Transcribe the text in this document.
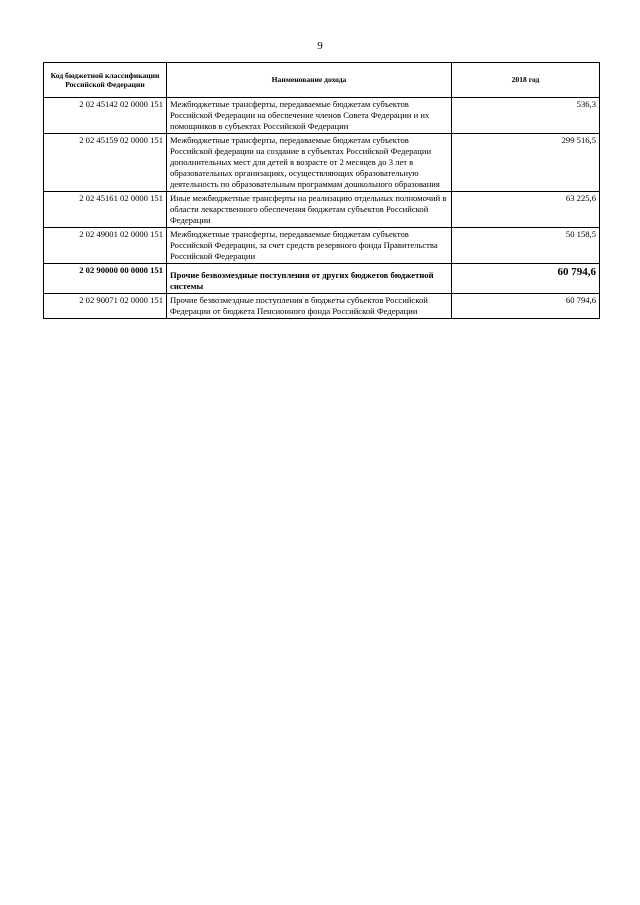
9
Код бюджетной классификации Российской Федерации	Наименование дохода	2018 год
2 02 45142 02 0000 151	Межбюджетные трансферты, передаваемые бюджетам субъектов Российской Федерации на обеспечение членов Совета Федерации и их помощников в субъектах Российской Федерации	536,3
2 02 45159 02 0000 151	Межбюджетные трансферты, передаваемые бюджетам субъектов Российской федерации на создание в субъектах Российской Федерации дополнительных мест для детей в возрасте от 2 месяцев до 3 лет в образовательных организациях, осуществляющих образовательную деятельность по образовательным программам дошкольного образования	299 516,5
2 02 45161 02 0000 151	Иные межбюджетные трансферты на реализацию отдельных полномочий в области лекарственного обеспечения бюджетам субъектов Российской Федерации	63 225,6
2 02 49001 02 0000 151	Межбюджетные трансферты, передаваемые бюджетам субъектов Российской Федерации, за счет средств резервного фонда Правительства Российской Федерации	50 158,5
2 02 90000 00 0000 151	Прочие безвозмездные поступления от других бюджетов бюджетной системы	60 794,6
2 02 90071 02 0000 151	Прочие безвозмездные поступления в бюджеты субъектов Российской Федерации от бюджета Пенсионного фонда Российской Федерации	60 794,6
